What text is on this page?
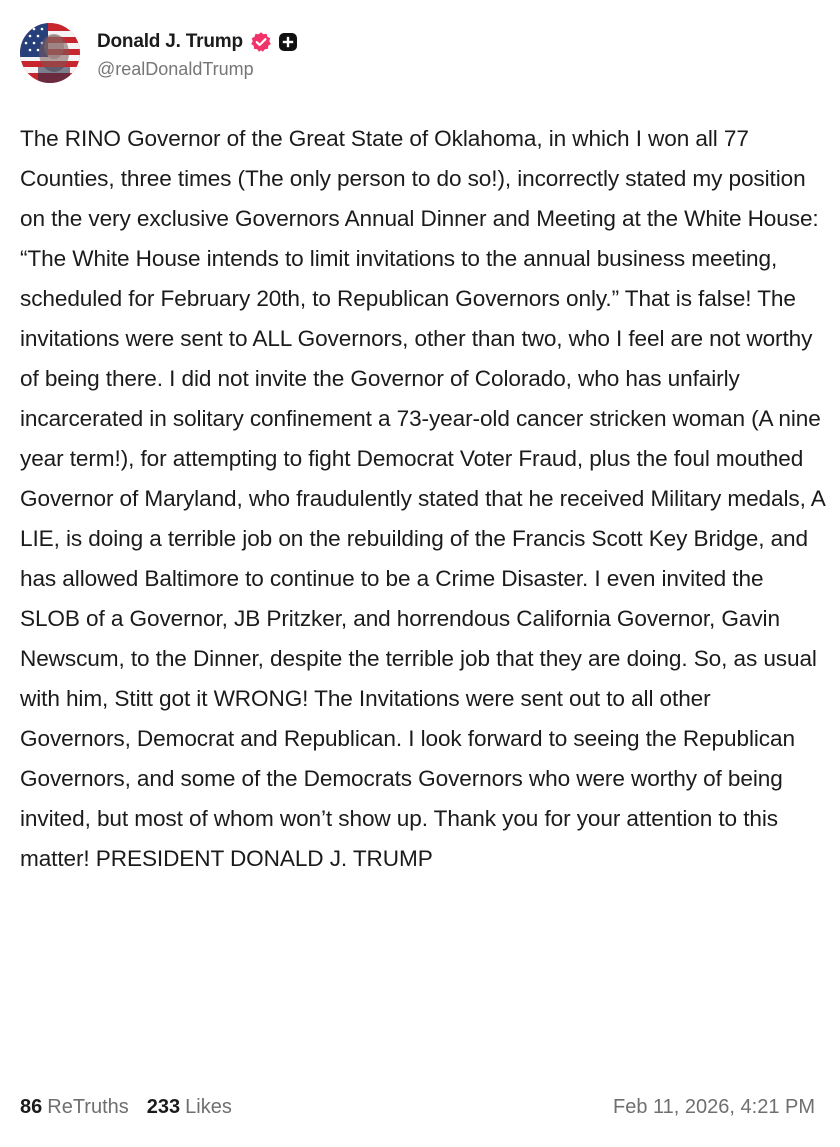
Donald J. Trump
@realDonaldTrump
The RINO Governor of the Great State of Oklahoma, in which I won all 77 Counties, three times (The only person to do so!), incorrectly stated my position on the very exclusive Governors Annual Dinner and Meeting at the White House: “The White House intends to limit invitations to the annual business meeting, scheduled for February 20th, to Republican Governors only.” That is false! The invitations were sent to ALL Governors, other than two, who I feel are not worthy of being there. I did not invite the Governor of Colorado, who has unfairly incarcerated in solitary confinement a 73-year-old cancer stricken woman (A nine year term!), for attempting to fight Democrat Voter Fraud, plus the foul mouthed Governor of Maryland, who fraudulently stated that he received Military medals, A LIE, is doing a terrible job on the rebuilding of the Francis Scott Key Bridge, and has allowed Baltimore to continue to be a Crime Disaster. I even invited the SLOB of a Governor, JB Pritzker, and horrendous California Governor, Gavin Newscum, to the Dinner, despite the terrible job that they are doing. So, as usual with him, Stitt got it WRONG! The Invitations were sent out to all other Governors, Democrat and Republican. I look forward to seeing the Republican Governors, and some of the Democrats Governors who were worthy of being invited, but most of whom won’t show up. Thank you for your attention to this matter! PRESIDENT DONALD J. TRUMP
86 ReTruths 233 Likes	Feb 11, 2026, 4:21 PM
